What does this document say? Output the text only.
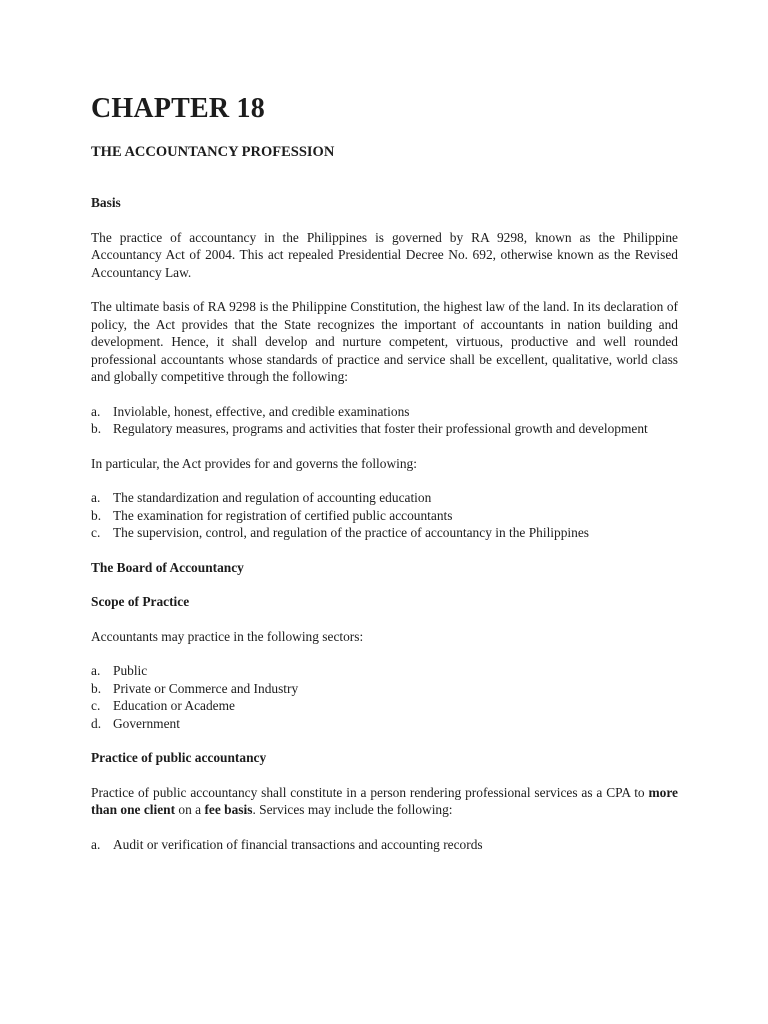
CHAPTER 18
THE ACCOUNTANCY PROFESSION

Basis

The practice of accountancy in the Philippines is governed by RA 9298, known as the Philippine Accountancy Act of 2004. This act repealed Presidential Decree No. 692, otherwise known as the Revised Accountancy Law.

The ultimate basis of RA 9298 is the Philippine Constitution, the highest law of the land. In its declaration of policy, the Act provides that the State recognizes the important of accountants in nation building and development. Hence, it shall develop and nurture competent, virtuous, productive and well rounded professional accountants whose standards of practice and service shall be excellent, qualitative, world class and globally competitive through the following:

a. Inviolable, honest, effective, and credible examinations
b. Regulatory measures, programs and activities that foster their professional growth and development

In particular, the Act provides for and governs the following:

a. The standardization and regulation of accounting education
b. The examination for registration of certified public accountants
c. The supervision, control, and regulation of the practice of accountancy in the Philippines

The Board of Accountancy

Scope of Practice

Accountants may practice in the following sectors:

a. Public
b. Private or Commerce and Industry
c. Education or Academe
d. Government

Practice of public accountancy

Practice of public accountancy shall constitute in a person rendering professional services as a CPA to more than one client on a fee basis. Services may include the following:

a. Audit or verification of financial transactions and accounting records
